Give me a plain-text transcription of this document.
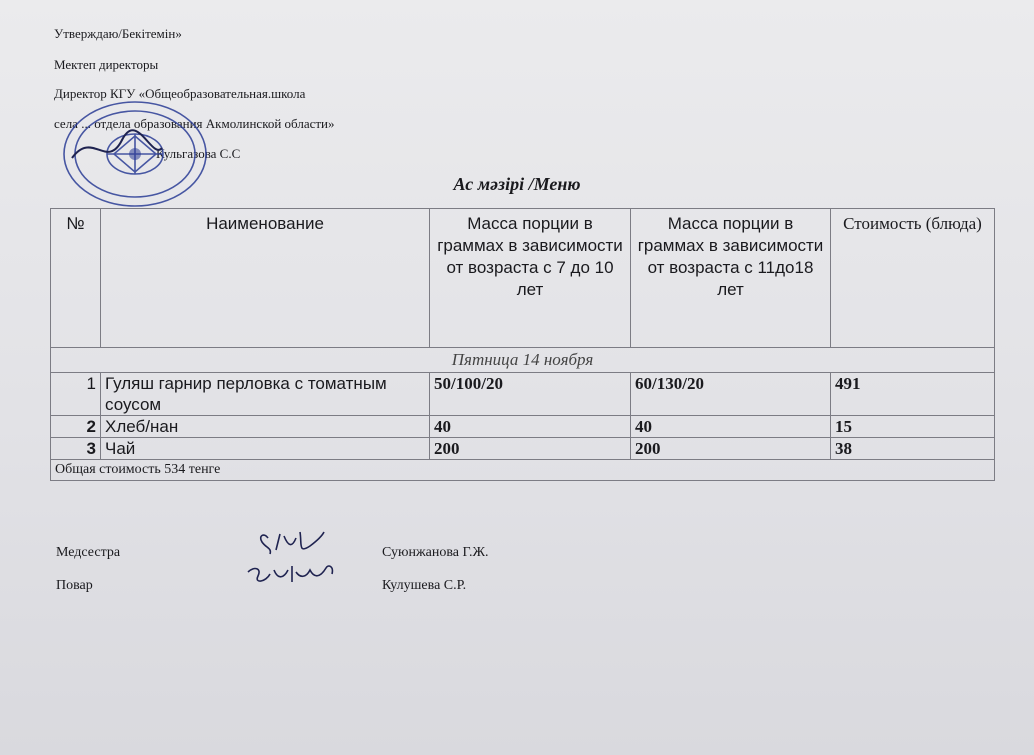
Утверждаю/Бекітемін»
Мектеп директоры
Директор КГУ «Общеобразовательная.школа
села ... отдела образования Акмолинской области»
Кульгазова С.С
Ас мәзірі /Меню
№	Наименование	Масса порции в граммах в зависимости от возраста с 7 до 10 лет	Масса порции в граммах в зависимости от возраста с 11до18 лет	Стоимость (блюда)
Пятница 14 ноября				
1	Гуляш гарнир перловка с томатным соусом	50/100/20	60/130/20	491
2	Хлеб/нан	40	40	15
3	Чай	200	200	38
Общая стоимость 534 тенге				
Медсестра	Суюнжанова Г.Ж.
Повар	Кулушева С.Р.
